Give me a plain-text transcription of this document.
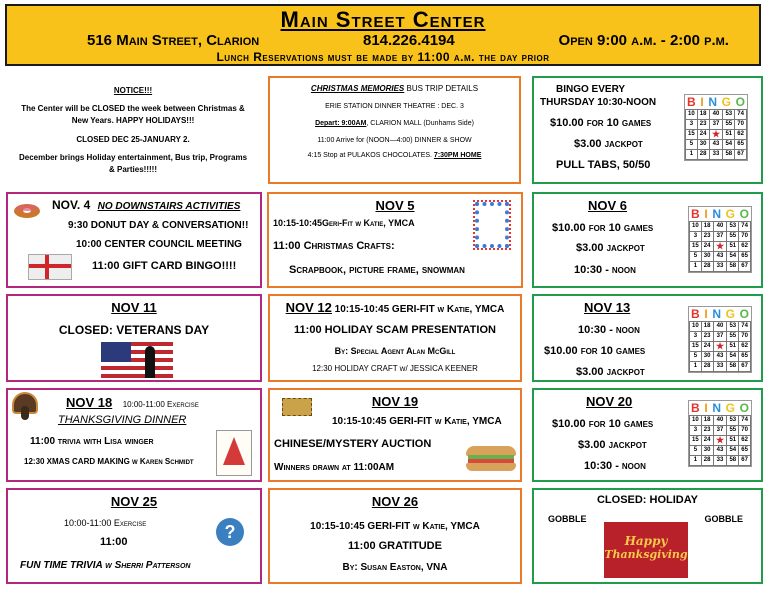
Main Street Center
516 Main Street, Clarion	814.226.4194	Open 9:00 a.m. - 2:00 p.m.
Lunch Reservations must be made by 11:00 a.m. the day prior
NOTICE!!!
The Center will be CLOSED the week between Christmas & New Years. HAPPY HOLIDAYS!!!
CLOSED DEC 25-JANUARY 2.
December brings Holiday entertainment, Bus trip, Programs & Parties!!!!!
CHRISTMAS MEMORIES BUS TRIP DETAILS
ERIE STATION DINNER THEATRE : DEC. 3
Depart: 9:00AM, CLARION MALL (Dunhams Side)
11:00 Arrive for (NOON—4:00) DINNER & SHOW
4:15 Stop at PULAKOS CHOCOLATES. 7:30PM HOME
BINGO EVERY
THURSDAY 10:30-NOON
$10.00 for 10 games
$3.00 jackpot
PULL TABS, 50/50
B I N G O
10	18	40	53	74
3	23	37	55	70
15	24	★	51	62
5	30	43	54	65
1	28	33	58	67
NOV. 4 NO DOWNSTAIRS ACTIVITIES
9:30 DONUT DAY & CONVERSATION!!
10:00 CENTER COUNCIL MEETING
11:00 GIFT CARD BINGO!!!!
NOV 5
10:15-10:45Geri-Fit w Katie, YMCA
11:00 Christmas Crafts:
Scrapbook, picture frame, snowman
NOV 6
$10.00 for 10 games
$3.00 jackpot
10:30 - noon
B I N G O
10	18	40	53	74
3	23	37	55	70
15	24	★	51	62
5	30	43	54	65
1	28	33	58	67
NOV 11
CLOSED: VETERANS DAY
NOV 12 10:15-10:45 GERI-FIT w Katie, YMCA
11:00 HOLIDAY SCAM PRESENTATION
By: Special Agent Alan McGill
12:30 HOLIDAY CRAFT w/ JESSICA KEENER
NOV 13
10:30 - noon
$10.00 for 10 games
$3.00 jackpot
B I N G O
10	18	40	53	74
3	23	37	55	70
15	24	★	51	62
5	30	43	54	65
1	28	33	58	67
NOV 18 10:00-11:00 Exercise
THANKSGIVING DINNER
11:00 trivia with Lisa winger
12:30 XMAS CARD MAKING w Karen Schmidt
NOV 19
10:15-10:45 GERI-FIT w Katie, YMCA
CHINESE/MYSTERY AUCTION
Winners drawn at 11:00AM
NOV 20
$10.00 for 10 games
$3.00 jackpot
10:30 - noon
B I N G O
10	18	40	53	74
3	23	37	55	70
15	24	★	51	62
5	30	43	54	65
1	28	33	58	67
NOV 25
10:00-11:00 Exercise
11:00
FUN TIME TRIVIA w Sherri Patterson
?
NOV 26
10:15-10:45 GERI-FIT w Katie, YMCA
11:00 GRATITUDE
By: Susan Easton, VNA
CLOSED: HOLIDAY
GOBBLE	GOBBLE
Happy
Thanksgiving
